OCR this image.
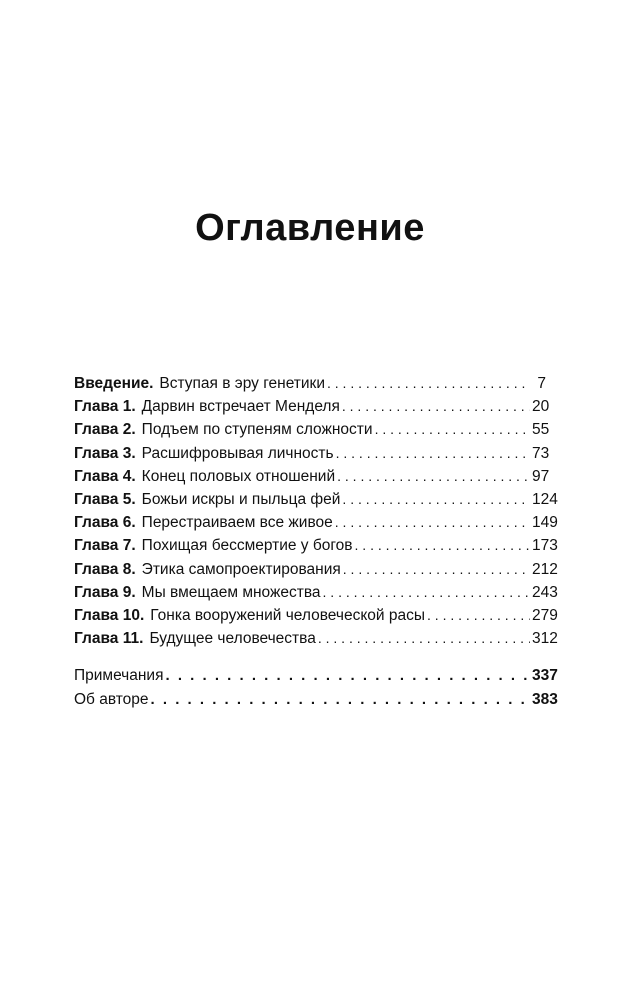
Оглавление
Введение. Вступая в эру генетики . . .	7
Глава 1. Дарвин встречает Менделя . . .	20
Глава 2. Подъем по ступеням сложности . . .	55
Глава 3. Расшифровывая личность . . .	73
Глава 4. Конец половых отношений . . .	97
Глава 5. Божьи искры и пыльца фей . . .	124
Глава 6. Перестраиваем все живое . . .	149
Глава 7. Похищая бессмертие у богов . . .	173
Глава 8. Этика самопроектирования . . .	212
Глава 9. Мы вмещаем множества . . .	243
Глава 10. Гонка вооружений человеческой расы . . .	279
Глава 11. Будущее человечества . . .	312
Примечания . . .	337
Об авторе . . .	383
